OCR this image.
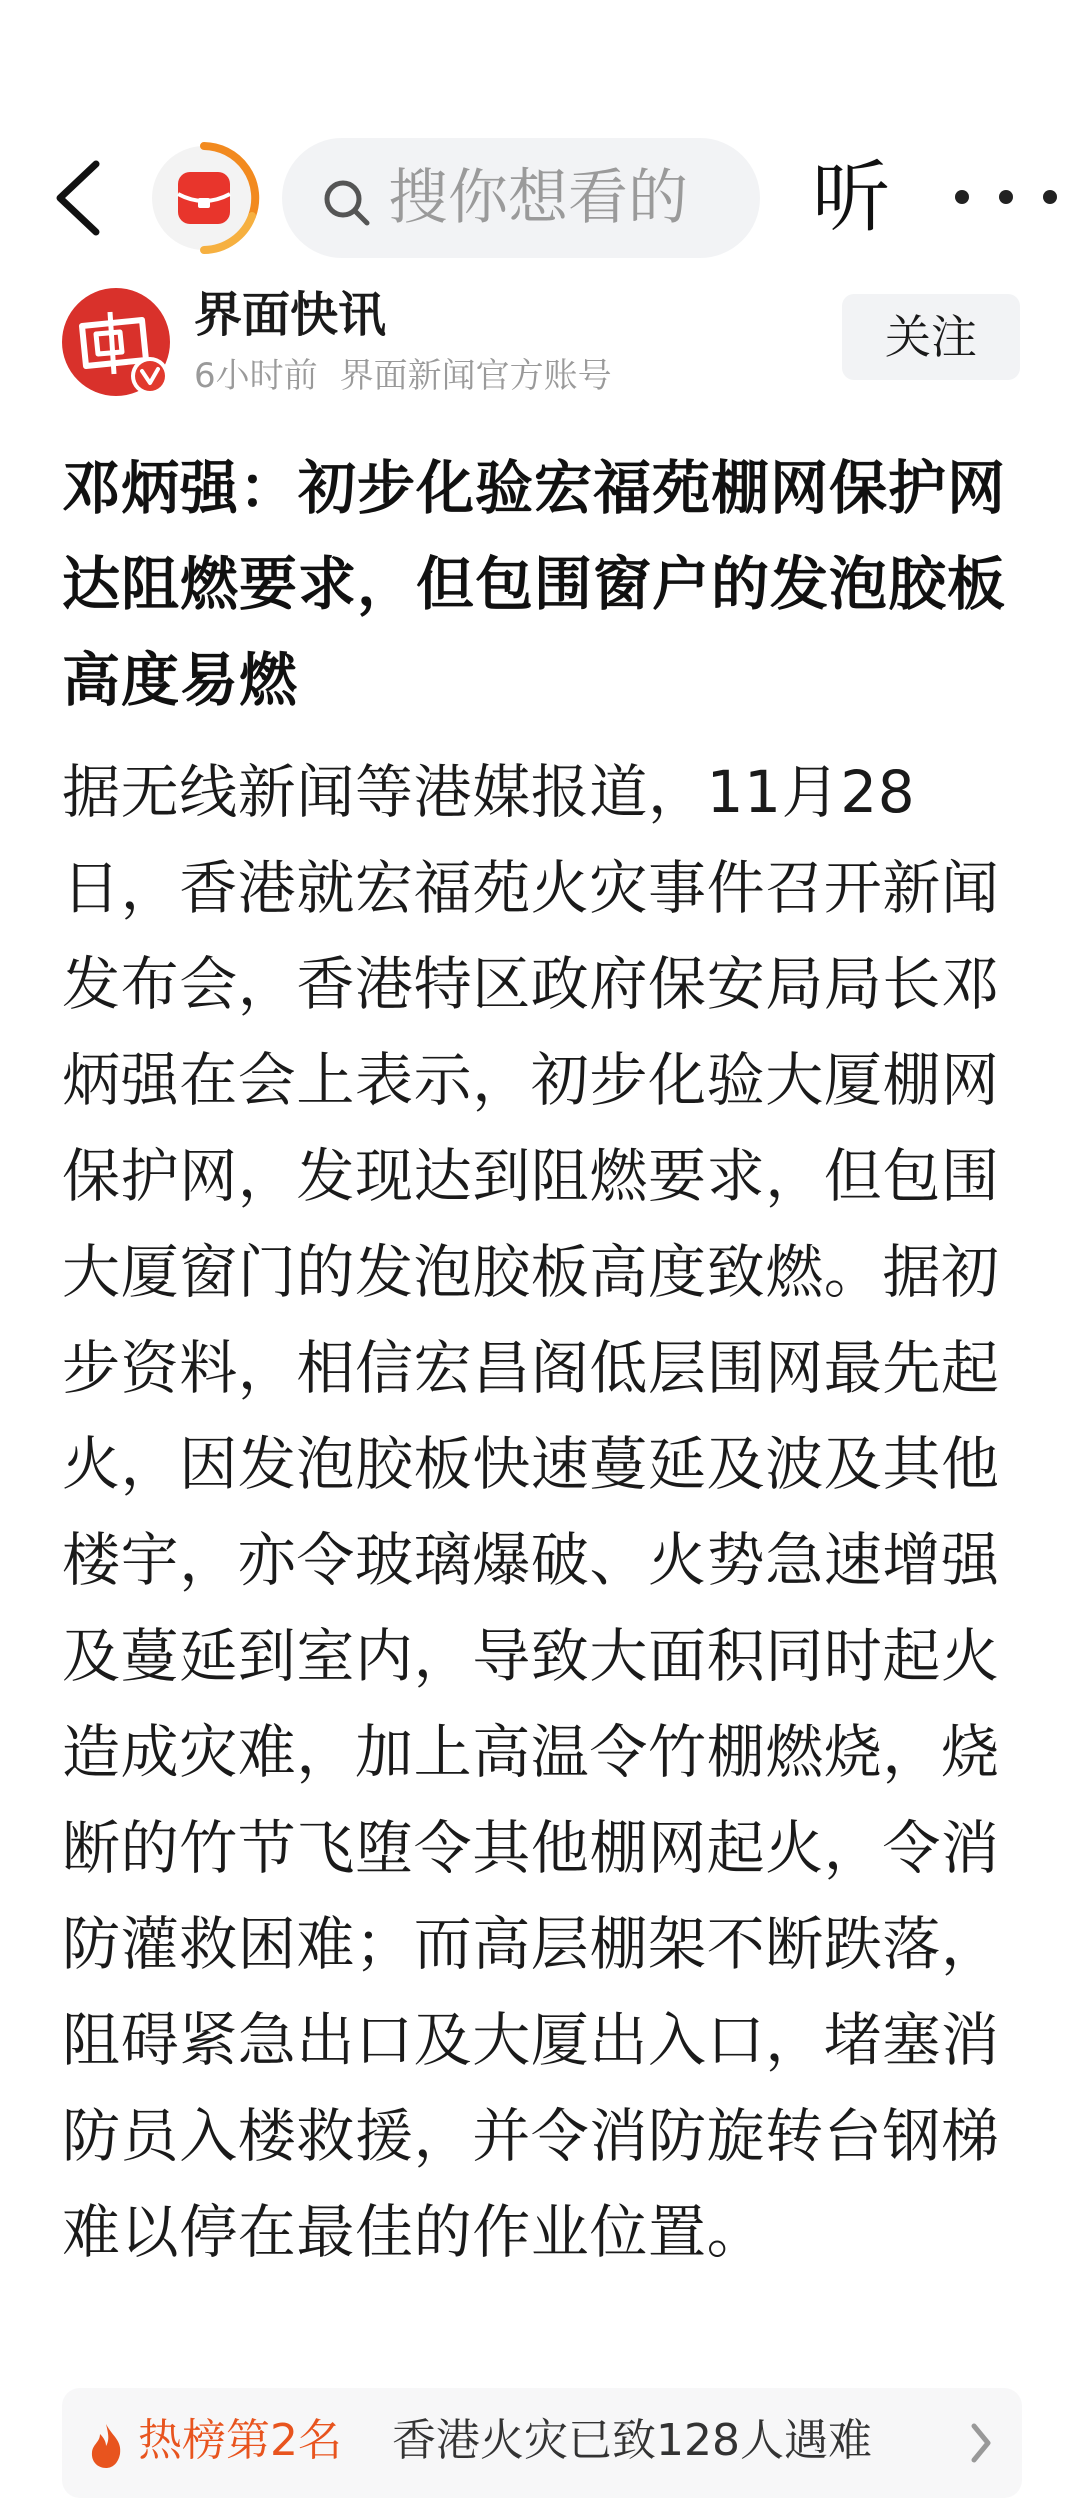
搜你想看的 听
界面快讯
6小时前 界面新闻官方账号
关注
邓炳强：初步化验宏福苑棚网保护网达阻燃要求，但包围窗户的发泡胶板高度易燃
据无线新闻等港媒报道，11月28日，香港就宏福苑火灾事件召开新闻发布会，香港特区政府保安局局长邓炳强在会上表示，初步化验大厦棚网保护网，发现达到阻燃要求，但包围大厦窗门的发泡胶板高度致燃。据初步资料，相信宏昌阁低层围网最先起火，因发泡胶板快速蔓延及波及其他楼宇，亦令玻璃爆破、火势急速增强及蔓延到室内，导致大面积同时起火造成灾难，加上高温令竹棚燃烧，烧断的竹节飞堕令其他棚网起火，令消防灌救困难；而高层棚架不断跌落，阻碍紧急出口及大厦出入口，堵塞消防员入楼救援，并令消防旋转台钢梯难以停在最佳的作业位置。
热榜第2名 香港火灾已致128人遇难
